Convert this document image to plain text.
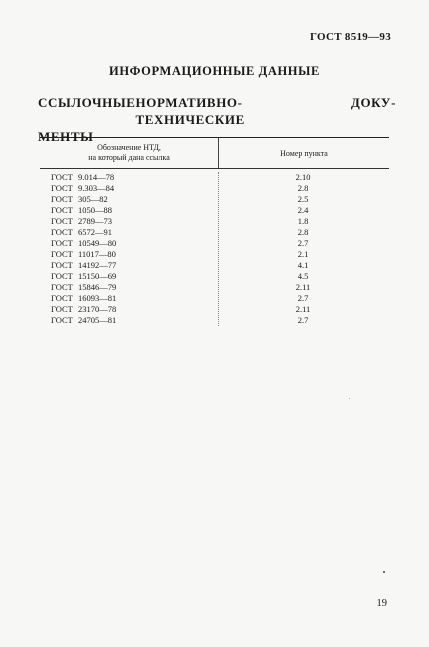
ГОСТ 8519—93
ИНФОРМАЦИОННЫЕ ДАННЫЕ
ССЫЛОЧНЫЕ НОРМАТИВНО-ТЕХНИЧЕСКИЕ
ДОКУ-
МЕНТЫ
Обозначение НТД,
на который дана ссылка	Номер пункта
ГОСТ 9.014—78
ГОСТ 9.303—84
ГОСТ 305—82
ГОСТ 1050—88
ГОСТ 2789—73
ГОСТ 6572—91
ГОСТ 10549—80
ГОСТ 11017—80
ГОСТ 14192—77
ГОСТ 15150—69
ГОСТ 15846—79
ГОСТ 16093—81
ГОСТ 23170—78
ГОСТ 24705—81
2.10
2.8
2.5
2.4
1.8
2.8
2.7
2.1
4.1
4.5
2.11
2.7
2.11
2.7
19
